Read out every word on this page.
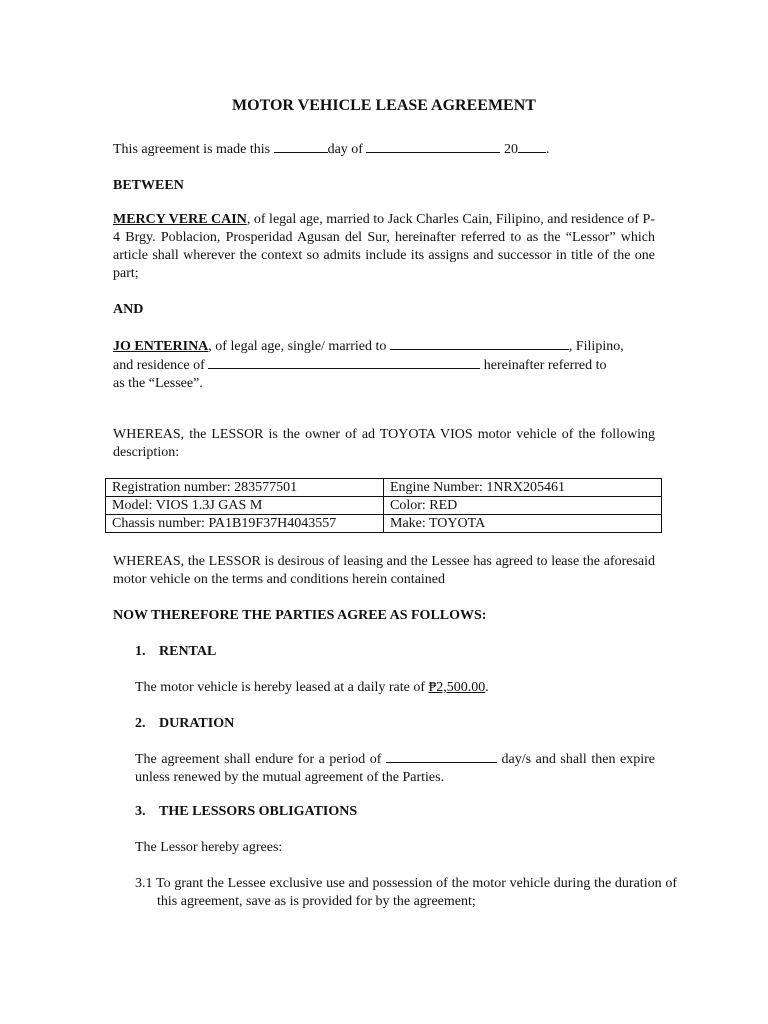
MOTOR VEHICLE LEASE AGREEMENT
This agreement is made this	day of	20 .
BETWEEN
MERCY VERE CAIN, of legal age, married to Jack Charles Cain, Filipino, and residence of P-4 Brgy. Poblacion, Prosperidad Agusan del Sur, hereinafter referred to as the “Lessor” which article shall wherever the context so admits include its assigns and successor in title of the one part;
AND
JO ENTERINA, of legal age, single/ married to	, Filipino,
and residence of	hereinafter referred to
as the “Lessee”.
WHEREAS, the LESSOR is the owner of ad TOYOTA VIOS motor vehicle of the following description:
Registration number: 283577501	Engine Number: 1NRX205461
Model: VIOS 1.3J GAS M	Color: RED
Chassis number: PA1B19F37H4043557	Make: TOYOTA
WHEREAS, the LESSOR is desirous of leasing and the Lessee has agreed to lease the aforesaid motor vehicle on the terms and conditions herein contained
NOW THEREFORE THE PARTIES AGREE AS FOLLOWS:
1. RENTAL
The motor vehicle is hereby leased at a daily rate of ₱2,500.00.
2. DURATION
The agreement shall endure for a period of	day/s and shall then expire unless renewed by the mutual agreement of the Parties.
3. THE LESSORS OBLIGATIONS
The Lessor hereby agrees:
3.1 To grant the Lessee exclusive use and possession of the motor vehicle during the duration of this agreement, save as is provided for by the agreement;
